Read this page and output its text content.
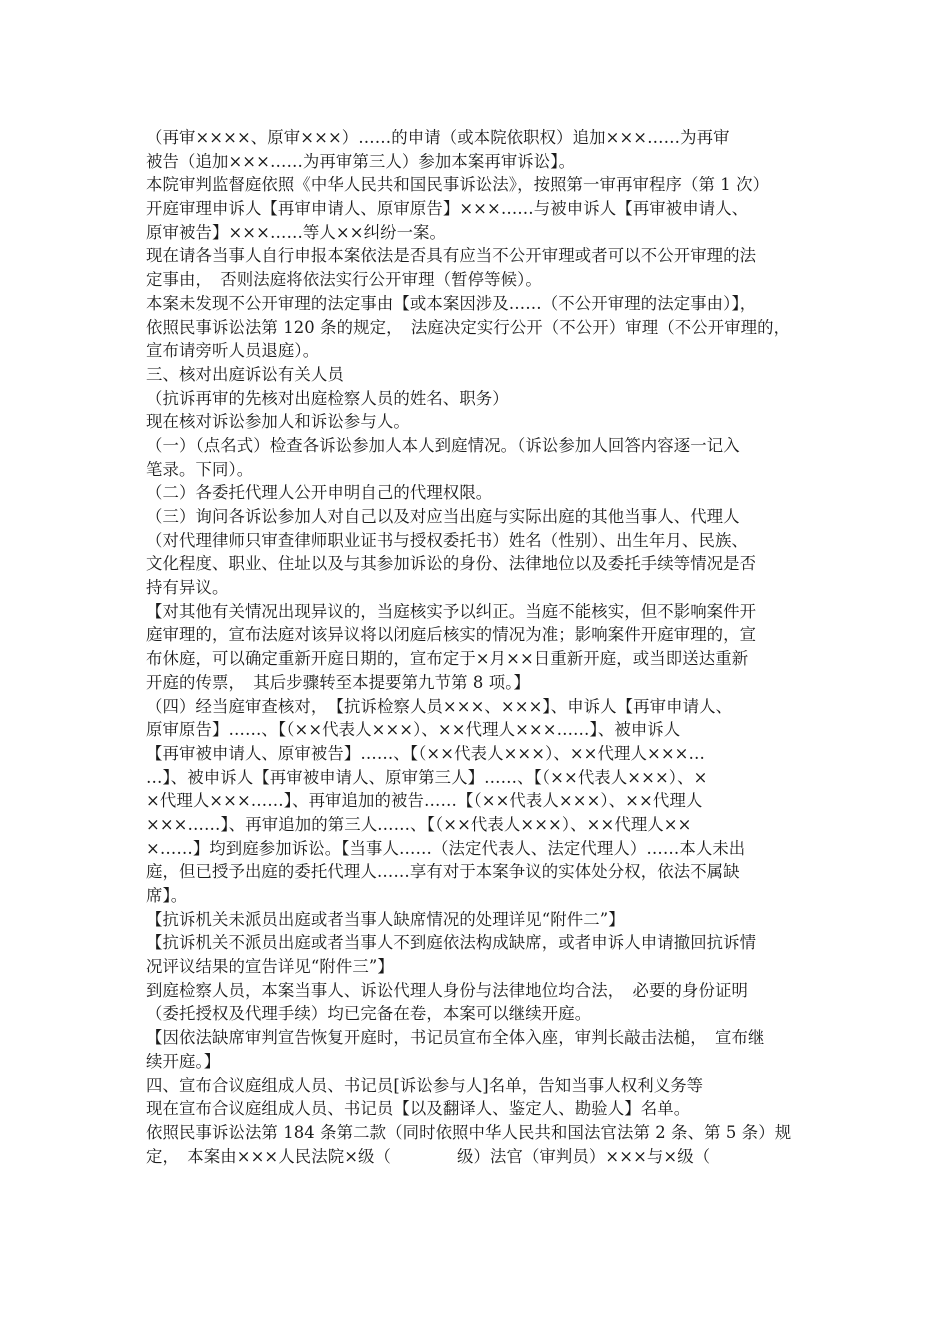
（再审××××、原审×××）……的申请（或本院依职权）追加×××……为再审
被告（追加×××……为再审第三人）参加本案再审诉讼】。
本院审判监督庭依照《中华人民共和国民事诉讼法》，按照第一审再审程序（第 1 次）
开庭审理申诉人【再审申请人、原审原告】×××……与被申诉人【再审被申请人、
原审被告】×××……等人××纠纷一案。
现在请各当事人自行申报本案依法是否具有应当不公开审理或者可以不公开审理的法
定事由，　否则法庭将依法实行公开审理（暂停等候）。
本案未发现不公开审理的法定事由【或本案因涉及……（不公开审理的法定事由）】，
依照民事诉讼法第 120 条的规定，　法庭决定实行公开（不公开）审理（不公开审理的，
宣布请旁听人员退庭）。
三、核对出庭诉讼有关人员
（抗诉再审的先核对出庭检察人员的姓名、职务）
现在核对诉讼参加人和诉讼参与人。
（一）（点名式）检查各诉讼参加人本人到庭情况。（诉讼参加人回答内容逐一记入
笔录。下同）。
（二）各委托代理人公开申明自己的代理权限。
（三）询问各诉讼参加人对自己以及对应当出庭与实际出庭的其他当事人、代理人
（对代理律师只审查律师职业证书与授权委托书）姓名（性别）、出生年月、民族、
文化程度、职业、住址以及与其参加诉讼的身份、法律地位以及委托手续等情况是否
持有异议。
【对其他有关情况出现异议的，当庭核实予以纠正。当庭不能核实，但不影响案件开
庭审理的，宣布法庭对该异议将以闭庭后核实的情况为准；影响案件开庭审理的，宣
布休庭，可以确定重新开庭日期的，宣布定于×月××日重新开庭，或当即送达重新
开庭的传票，　其后步骤转至本提要第九节第 8 项。】
（四）经当庭审查核对，　【抗诉检察人员×××、×××】、申诉人【再审申请人、
原审原告】……、【（××代表人×××）、××代理人×××……】、被申诉人
【再审被申请人、原审被告】……、【（××代表人×××）、××代理人×××…
…】、被申诉人【再审被申请人、原审第三人】……、【（××代表人×××）、×
×代理人×××……】、再审追加的被告……【（××代表人×××）、××代理人
×××……】、再审追加的第三人……、【（××代表人×××）、××代理人××
×……】均到庭参加诉讼。【当事人……（法定代表人、法定代理人）……本人未出
庭，但已授予出庭的委托代理人……享有对于本案争议的实体处分权，依法不属缺
席】。
【抗诉机关未派员出庭或者当事人缺席情况的处理详见“附件二”】
【抗诉机关不派员出庭或者当事人不到庭依法构成缺席，或者申诉人申请撤回抗诉情
况评议结果的宣告详见“附件三”】
到庭检察人员，本案当事人、诉讼代理人身份与法律地位均合法，　必要的身份证明
（委托授权及代理手续）均已完备在卷，本案可以继续开庭。
【因依法缺席审判宣告恢复开庭时，书记员宣布全体入座，审判长敲击法槌，　宣布继
续开庭。】
四、宣布合议庭组成人员、书记员[诉讼参与人]名单，告知当事人权利义务等
现在宣布合议庭组成人员、书记员【以及翻译人、鉴定人、勘验人】名单。
依照民事诉讼法第 184 条第二款（同时依照中华人民共和国法官法第 2 条、第 5 条）规
定，　本案由×××人民法院×级（　　　　级）法官（审判员）×××与×级（
